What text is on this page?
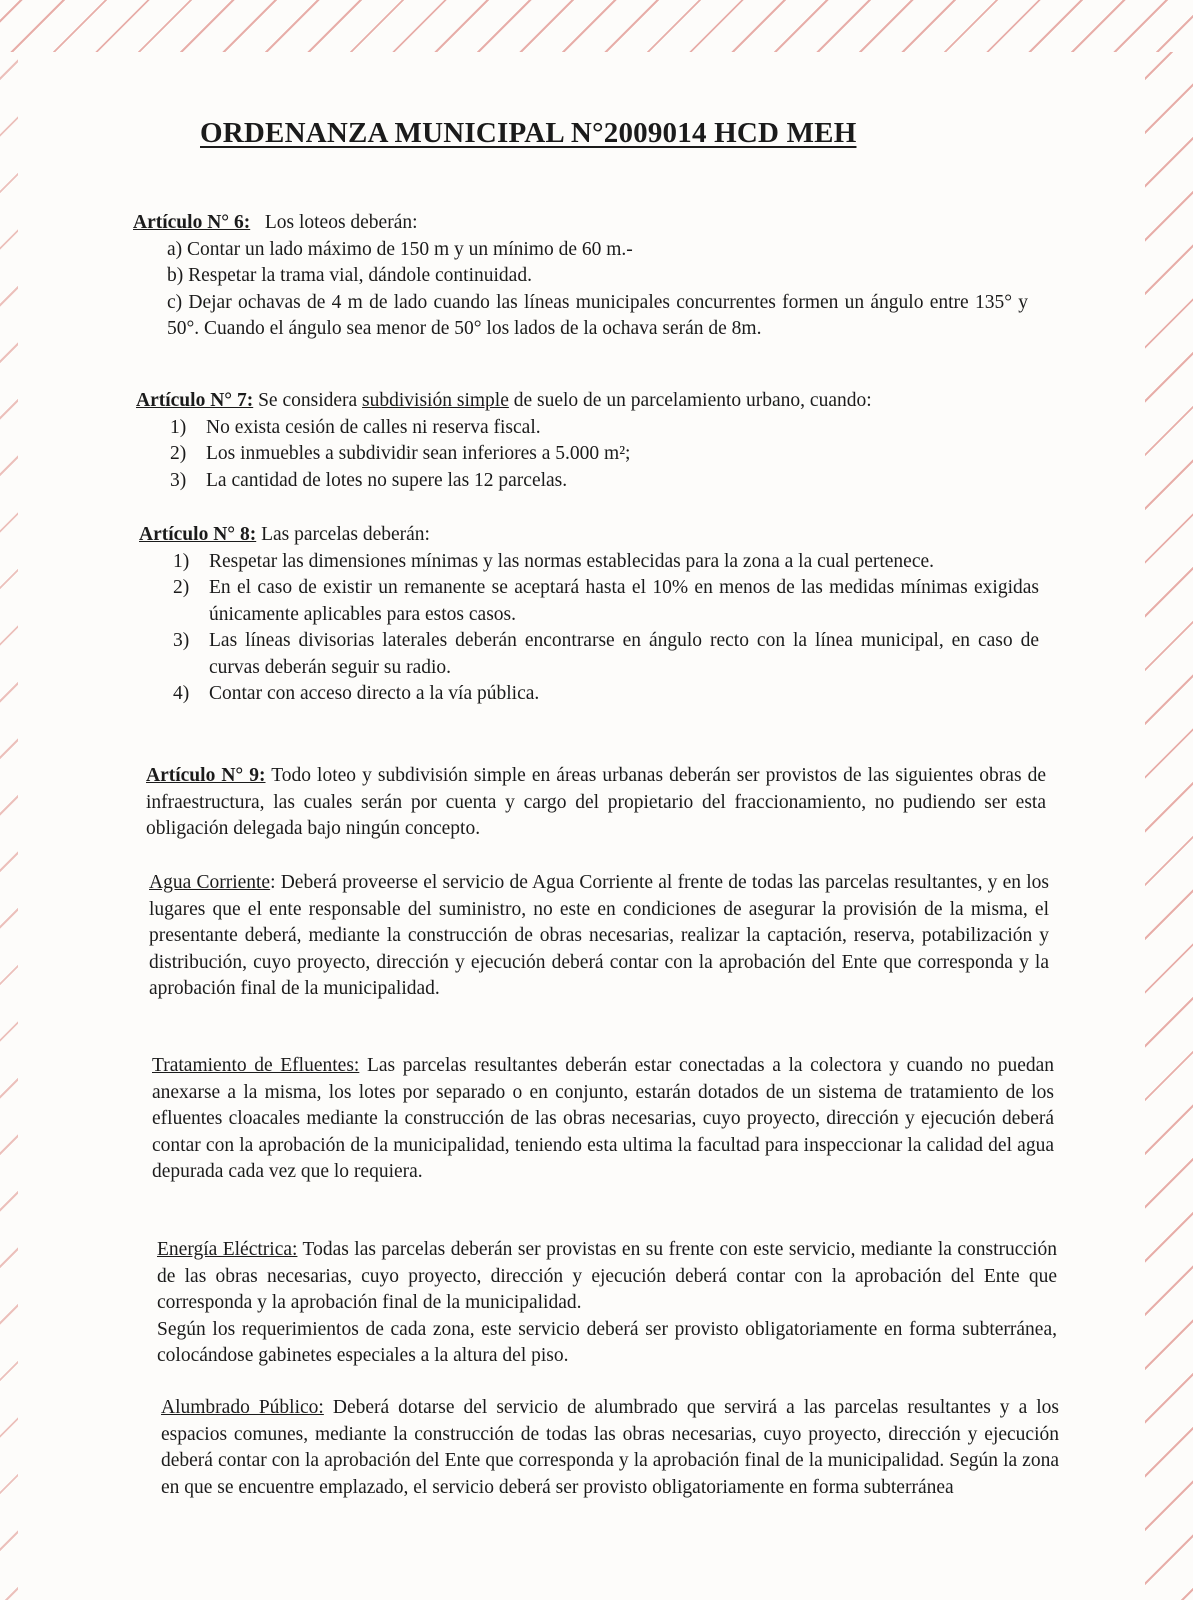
ORDENANZA MUNICIPAL N°2009014 HCD MEH
Artículo N° 6: Los loteos deberán:
a) Contar un lado máximo de 150 m y un mínimo de 60 m.-
b) Respetar la trama vial, dándole continuidad.
c) Dejar ochavas de 4 m de lado cuando las líneas municipales concurrentes formen un ángulo entre 135° y 50°. Cuando el ángulo sea menor de 50° los lados de la ochava serán de 8m.
Artículo N° 7: Se considera subdivisión simple de suelo de un parcelamiento urbano, cuando:
1)	No exista cesión de calles ni reserva fiscal.
2)	Los inmuebles a subdividir sean inferiores a 5.000 m²;
3)	La cantidad de lotes no supere las 12 parcelas.
Artículo N° 8: Las parcelas deberán:
1)	Respetar las dimensiones mínimas y las normas establecidas para la zona a la cual pertenece.
2)	En el caso de existir un remanente se aceptará hasta el 10% en menos de las medidas mínimas exigidas únicamente aplicables para estos casos.
3)	Las líneas divisorias laterales deberán encontrarse en ángulo recto con la línea municipal, en caso de curvas deberán seguir su radio.
4)	Contar con acceso directo a la vía pública.
Artículo N° 9: Todo loteo y subdivisión simple en áreas urbanas deberán ser provistos de las siguientes obras de infraestructura, las cuales serán por cuenta y cargo del propietario del fraccionamiento, no pudiendo ser esta obligación delegada bajo ningún concepto.
Agua Corriente: Deberá proveerse el servicio de Agua Corriente al frente de todas las parcelas resultantes, y en los lugares que el ente responsable del suministro, no este en condiciones de asegurar la provisión de la misma, el presentante deberá, mediante la construcción de obras necesarias, realizar la captación, reserva, potabilización y distribución, cuyo proyecto, dirección y ejecución deberá contar con la aprobación del Ente que corresponda y la aprobación final de la municipalidad.
Tratamiento de Efluentes: Las parcelas resultantes deberán estar conectadas a la colectora y cuando no puedan anexarse a la misma, los lotes por separado o en conjunto, estarán dotados de un sistema de tratamiento de los efluentes cloacales mediante la construcción de las obras necesarias, cuyo proyecto, dirección y ejecución deberá contar con la aprobación de la municipalidad, teniendo esta ultima la facultad para inspeccionar la calidad del agua depurada cada vez que lo requiera.
Energía Eléctrica: Todas las parcelas deberán ser provistas en su frente con este servicio, mediante la construcción de las obras necesarias, cuyo proyecto, dirección y ejecución deberá contar con la aprobación del Ente que corresponda y la aprobación final de la municipalidad.
Según los requerimientos de cada zona, este servicio deberá ser provisto obligatoriamente en forma subterránea, colocándose gabinetes especiales a la altura del piso.
Alumbrado Público: Deberá dotarse del servicio de alumbrado que servirá a las parcelas resultantes y a los espacios comunes, mediante la construcción de todas las obras necesarias, cuyo proyecto, dirección y ejecución deberá contar con la aprobación del Ente que corresponda y la aprobación final de la municipalidad. Según la zona en que se encuentre emplazado, el servicio deberá ser provisto obligatoriamente en forma subterránea
